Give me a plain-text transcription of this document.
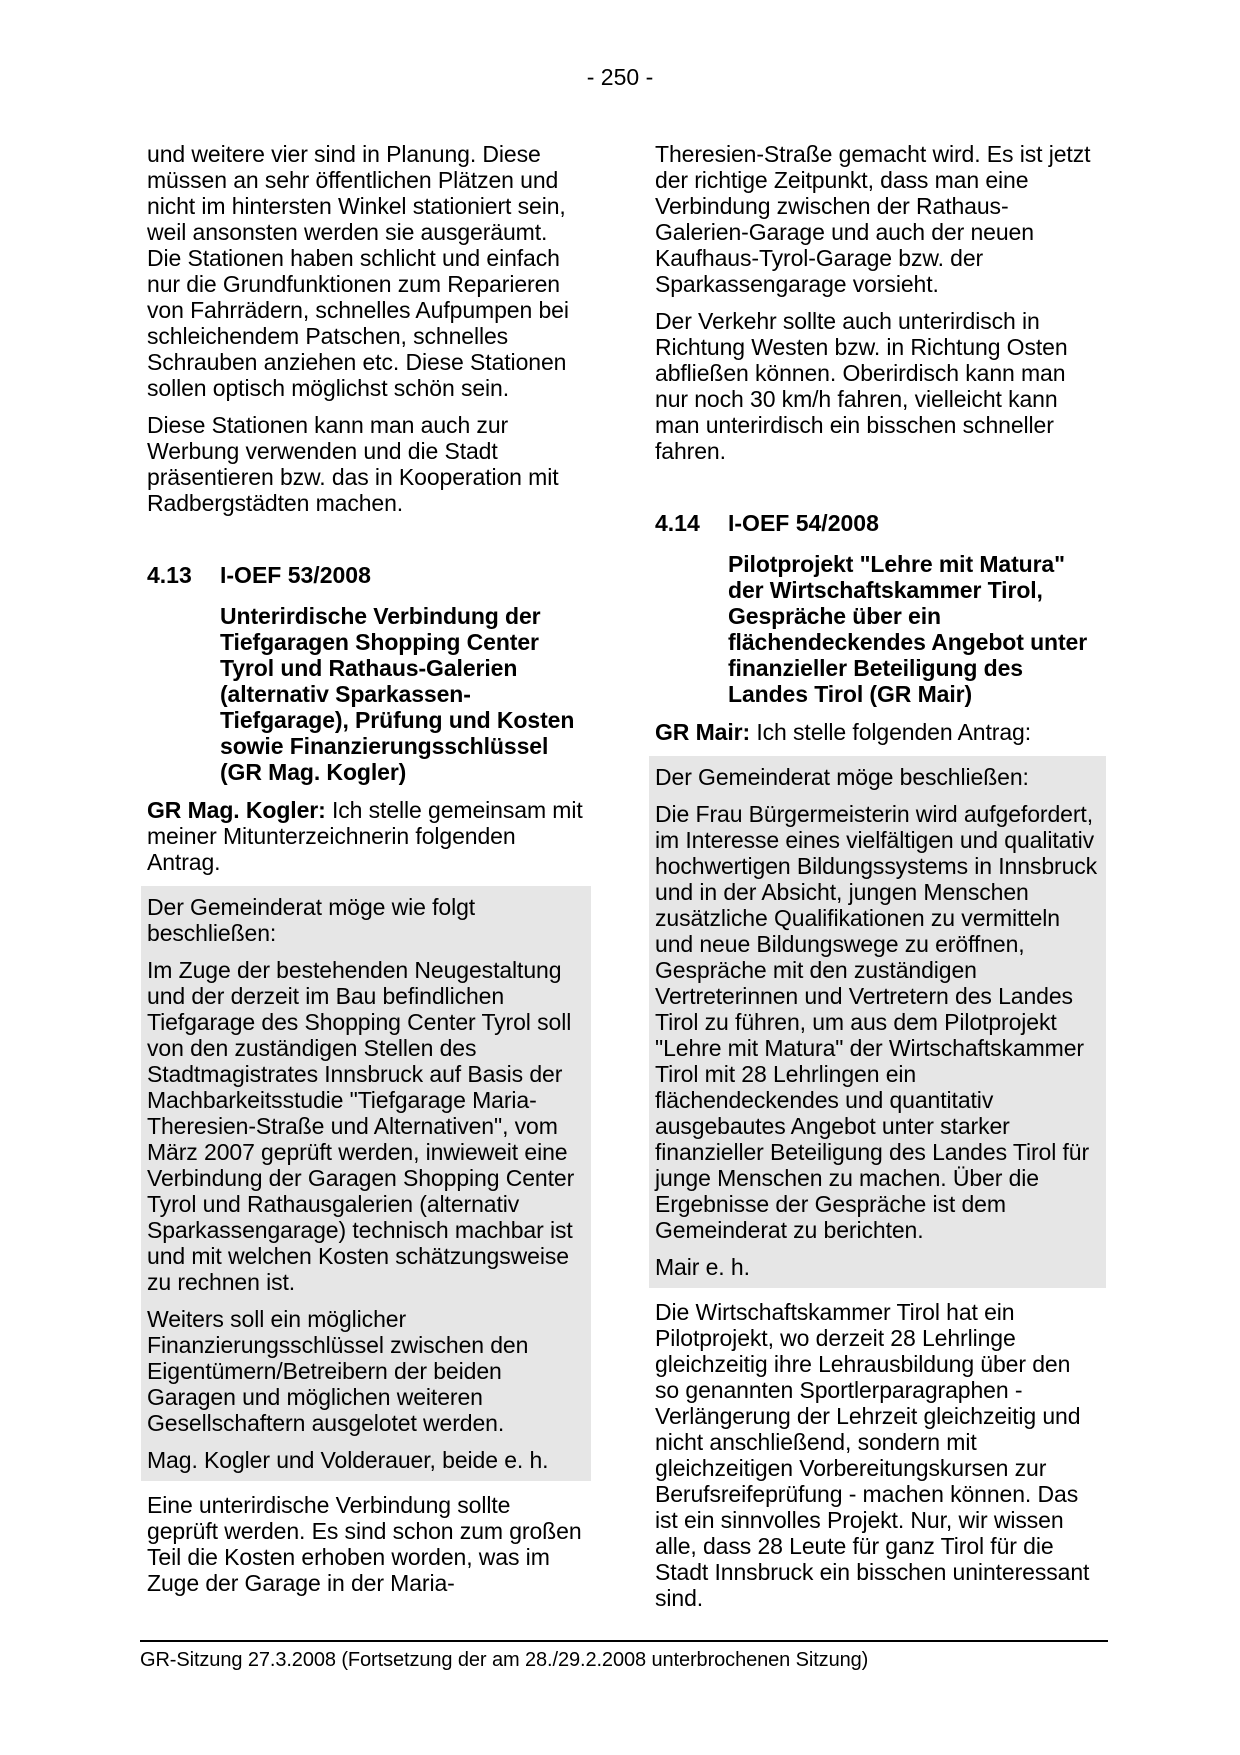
- 250 -

und weitere vier sind in Planung. Diese müssen an sehr öffentlichen Plätzen und nicht im hintersten Winkel stationiert sein, weil ansonsten werden sie ausgeräumt. Die Stationen haben schlicht und einfach nur die Grundfunktionen zum Reparieren von Fahrrädern, schnelles Aufpumpen bei schleichendem Patschen, schnelles Schrauben anziehen etc. Diese Stationen sollen optisch möglichst schön sein.

Diese Stationen kann man auch zur Werbung verwenden und die Stadt präsentieren bzw. das in Kooperation mit Radbergstädten machen.

4.13	I-OEF 53/2008
Unterirdische Verbindung der Tiefgaragen Shopping Center Tyrol und Rathaus-Galerien (alternativ Sparkassen-Tiefgarage), Prüfung und Kosten sowie Finanzierungsschlüssel (GR Mag. Kogler)

GR Mag. Kogler: Ich stelle gemeinsam mit meiner Mitunterzeichnerin folgenden Antrag.

Der Gemeinderat möge wie folgt beschließen:

Im Zuge der bestehenden Neugestaltung und der derzeit im Bau befindlichen Tiefgarage des Shopping Center Tyrol soll von den zuständigen Stellen des Stadtmagistrates Innsbruck auf Basis der Machbarkeitsstudie "Tiefgarage Maria-Theresien-Straße und Alternativen", vom März 2007 geprüft werden, inwieweit eine Verbindung der Garagen Shopping Center Tyrol und Rathausgalerien (alternativ Sparkassengarage) technisch machbar ist und mit welchen Kosten schätzungsweise zu rechnen ist.

Weiters soll ein möglicher Finanzierungsschlüssel zwischen den Eigentümern/Betreibern der beiden Garagen und möglichen weiteren Gesellschaftern ausgelotet werden.

Mag. Kogler und Volderauer, beide e. h.

Eine unterirdische Verbindung sollte geprüft werden. Es sind schon zum großen Teil die Kosten erhoben worden, was im Zuge der Garage in der Maria-

Theresien-Straße gemacht wird. Es ist jetzt der richtige Zeitpunkt, dass man eine Verbindung zwischen der Rathaus-Galerien-Garage und auch der neuen Kaufhaus-Tyrol-Garage bzw. der Sparkassengarage vorsieht.

Der Verkehr sollte auch unterirdisch in Richtung Westen bzw. in Richtung Osten abfließen können. Oberirdisch kann man nur noch 30 km/h fahren, vielleicht kann man unterirdisch ein bisschen schneller fahren.

4.14	I-OEF 54/2008
Pilotprojekt "Lehre mit Matura" der Wirtschaftskammer Tirol, Gespräche über ein flächendeckendes Angebot unter finanzieller Beteiligung des Landes Tirol (GR Mair)

GR Mair: Ich stelle folgenden Antrag:

Der Gemeinderat möge beschließen:

Die Frau Bürgermeisterin wird aufgefordert, im Interesse eines vielfältigen und qualitativ hochwertigen Bildungssystems in Innsbruck und in der Absicht, jungen Menschen zusätzliche Qualifikationen zu vermitteln und neue Bildungswege zu eröffnen, Gespräche mit den zuständigen Vertreterinnen und Vertretern des Landes Tirol zu führen, um aus dem Pilotprojekt "Lehre mit Matura" der Wirtschaftskammer Tirol mit 28 Lehrlingen ein flächendeckendes und quantitativ ausgebautes Angebot unter starker finanzieller Beteiligung des Landes Tirol für junge Menschen zu machen. Über die Ergebnisse der Gespräche ist dem Gemeinderat zu berichten.

Mair e. h.

Die Wirtschaftskammer Tirol hat ein Pilotprojekt, wo derzeit 28 Lehrlinge gleichzeitig ihre Lehrausbildung über den so genannten Sportlerparagraphen - Verlängerung der Lehrzeit gleichzeitig und nicht anschließend, sondern mit gleichzeitigen Vorbereitungskursen zur Berufsreifeprüfung - machen können. Das ist ein sinnvolles Projekt. Nur, wir wissen alle, dass 28 Leute für ganz Tirol für die Stadt Innsbruck ein bisschen uninteressant sind.

GR-Sitzung 27.3.2008 (Fortsetzung der am 28./29.2.2008 unterbrochenen Sitzung)
